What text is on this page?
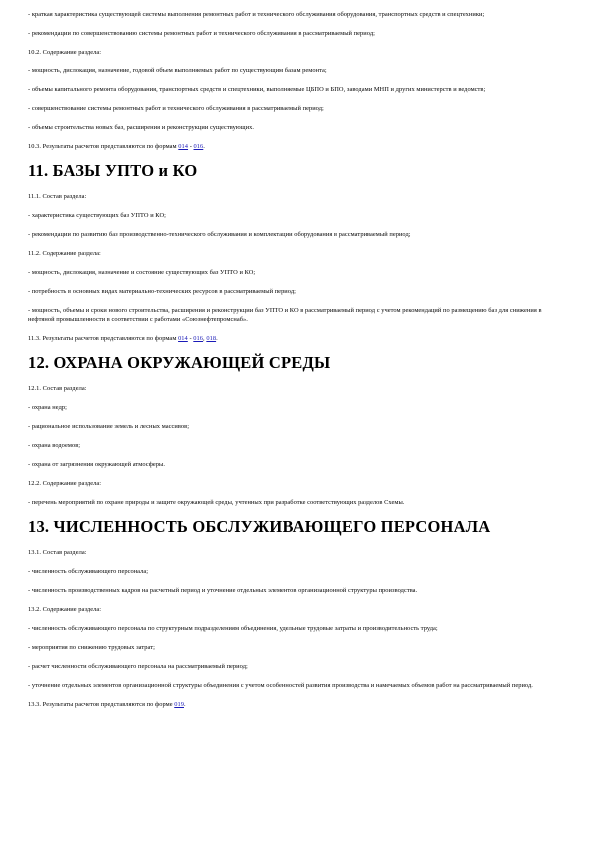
- краткая характеристика существующей системы выполнения ремонтных работ и технического обслуживания оборудования, транспортных средств и спецтехники;

- рекомендации по совершенствованию системы ремонтных работ и технического обслуживания в рассматриваемый период;

10.2. Содержание раздела:

- мощность, дислокация, назначение, годовой объем выполняемых работ по существующим базам ремонта;

- объемы капитального ремонта оборудования, транспортных средств и спецтехники, выполняемые ЦБПО и БПО, заводами МНП и других министерств и ведомств;

- совершенствование системы ремонтных работ и технического обслуживания в рассматриваемый период;

- объемы строительства новых баз, расширения и реконструкции существующих.

10.3. Результаты расчетов представляются по формам 014 - 016.

11. БАЗЫ УПТО и КО

11.1. Состав раздела:

- характеристика существующих баз УПТО и КО;

- рекомендации по развитию баз производственно-технического обслуживания и комплектации оборудования в рассматриваемый период;

11.2. Содержание раздела:

- мощность, дислокация, назначение и состояние существующих баз УПТО и КО;

- потребность в основных видах материально-технических ресурсов в рассматриваемый период;

- мощность, объемы и сроки нового строительства, расширения и реконструкции баз УПТО и КО в рассматриваемый период с учетом рекомендаций по размещению баз для снижения в нефтяной промышленности в соответствии с работами «Союзнефтепромснаб».

11.3. Результаты расчетов представляются по формам 014 - 016, 018.

12. ОХРАНА ОКРУЖАЮЩЕЙ СРЕДЫ

12.1. Состав раздела:

- охрана недр;

- рациональное использование земель и лесных массивов;

- охрана водоемов;

- охрана от загрязнения окружающей атмосферы.

12.2. Содержание раздела:

- перечень мероприятий по охране природы и защите окружающей среды, учтенных при разработке соответствующих разделов Схемы.

13. ЧИСЛЕННОСТЬ ОБСЛУЖИВАЮЩЕГО ПЕРСОНАЛА

13.1. Состав раздела:

- численность обслуживающего персонала;

- численность производственных кадров на расчетный период и уточнение отдельных элементов организационной структуры производства.

13.2. Содержание раздела:

- численность обслуживающего персонала по структурным подразделениям объединения, удельные трудовые затраты и производительность труда;

- мероприятия по снижению трудовых затрат;

- расчет численности обслуживающего персонала на рассматриваемый период;

- уточнение отдельных элементов организационной структуры объединения с учетом особенностей развития производства и намечаемых объемов работ на рассматриваемый период.

13.3. Результаты расчетов представляются по форме 019.
